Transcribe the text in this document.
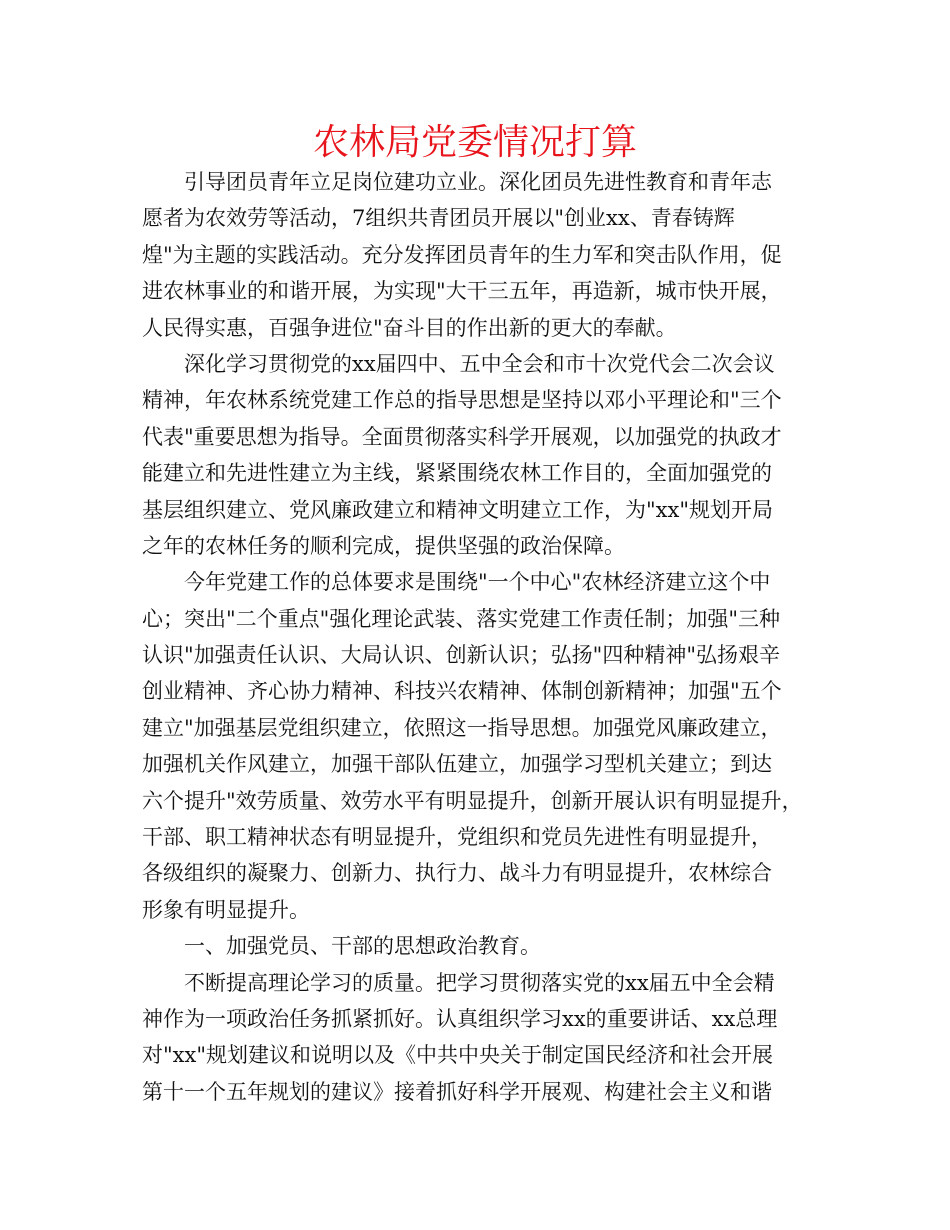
农林局党委情况打算
引导团员青年立足岗位建功立业。深化团员先进性教育和青年志
愿者为农效劳等活动，7组织共青团员开展以"创业xx、青春铸辉
煌"为主题的实践活动。充分发挥团员青年的生力军和突击队作用，促
进农林事业的和谐开展，为实现"大干三五年，再造新，城市快开展，
人民得实惠，百强争进位"奋斗目的作出新的更大的奉献。
深化学习贯彻党的xx届四中、五中全会和市十次党代会二次会议
精神，年农林系统党建工作总的指导思想是坚持以邓小平理论和"三个
代表"重要思想为指导。全面贯彻落实科学开展观，以加强党的执政才
能建立和先进性建立为主线，紧紧围绕农林工作目的，全面加强党的
基层组织建立、党风廉政建立和精神文明建立工作，为"xx"规划开局
之年的农林任务的顺利完成，提供坚强的政治保障。
今年党建工作的总体要求是围绕"一个中心"农林经济建立这个中
心；突出"二个重点"强化理论武装、落实党建工作责任制；加强"三种
认识"加强责任认识、大局认识、创新认识；弘扬"四种精神"弘扬艰辛
创业精神、齐心协力精神、科技兴农精神、体制创新精神；加强"五个
建立"加强基层党组织建立，依照这一指导思想。加强党风廉政建立，
加强机关作风建立，加强干部队伍建立，加强学习型机关建立；到达
六个提升"效劳质量、效劳水平有明显提升，创新开展认识有明显提升，
干部、职工精神状态有明显提升，党组织和党员先进性有明显提升，
各级组织的凝聚力、创新力、执行力、战斗力有明显提升，农林综合
形象有明显提升。
一、加强党员、干部的思想政治教育。
不断提高理论学习的质量。把学习贯彻落实党的xx届五中全会精
神作为一项政治任务抓紧抓好。认真组织学习xx的重要讲话、xx总理
对"xx"规划建议和说明以及《中共中央关于制定国民经济和社会开展
第十一个五年规划的建议》接着抓好科学开展观、构建社会主义和谐
